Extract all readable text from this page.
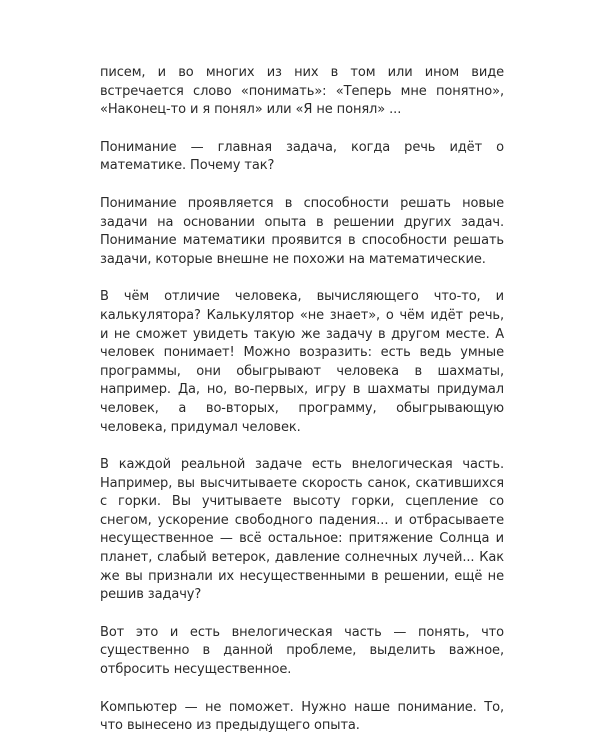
писем, и во многих из них в том или ином виде встречается слово «понимать»: «Теперь мне понятно», «Наконец-то и я понял» или «Я не понял» ...

Понимание — главная задача, когда речь идёт о математике. Почему так?

Понимание проявляется в способности решать новые задачи на основании опыта в решении других задач. Понимание математики проявится в способности решать задачи, которые внешне не похожи на математические.

В чём отличие человека, вычисляющего что-то, и калькулятора? Калькулятор «не знает», о чём идёт речь, и не сможет увидеть такую же задачу в другом месте. А человек понимает! Можно возразить: есть ведь умные программы, они обыгрывают человека в шахматы, например. Да, но, во-первых, игру в шахматы придумал человек, а во-вторых, программу, обыгрывающую человека, придумал человек.

В каждой реальной задаче есть внелогическая часть. Например, вы высчитываете скорость санок, скатившихся с горки. Вы учитываете высоту горки, сцепление со снегом, ускорение свободного падения... и отбрасываете несущественное — всё остальное: притяжение Солнца и планет, слабый ветерок, давление солнечных лучей... Как же вы признали их несущественными в решении, ещё не решив задачу?

Вот это и есть внелогическая часть — понять, что существенно в данной проблеме, выделить важное, отбросить несущественное.

Компьютер — не поможет. Нужно наше понимание. То, что вынесено из предыдущего опыта.
